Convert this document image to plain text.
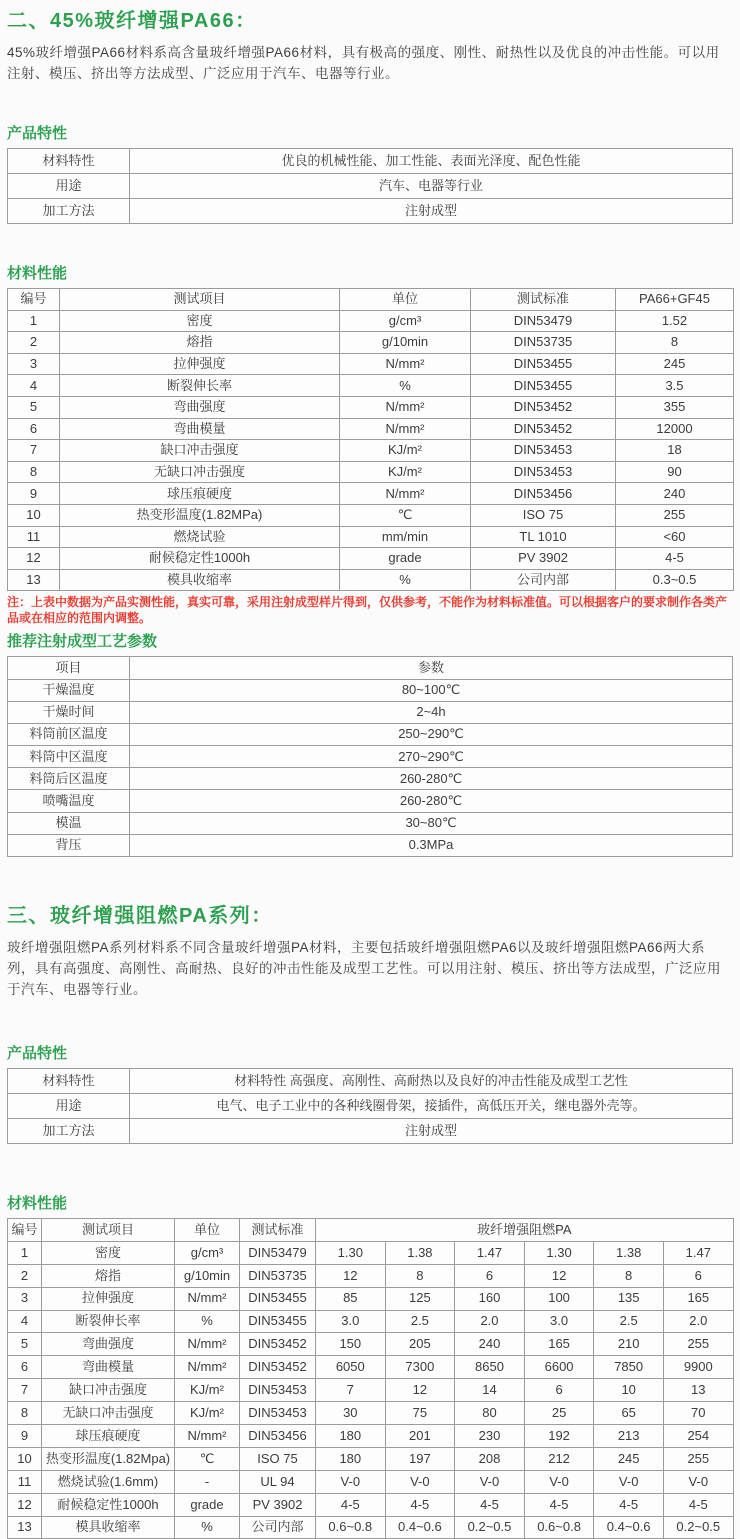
二、45%玻纤增强PA66：

45%玻纤增强PA66材料系高含量玻纤增强PA66材料，具有极高的强度、刚性、耐热性以及优良的冲击性能。可以用注射、模压、挤出等方法成型、广泛应用于汽车、电器等行业。

产品特性
材料特性	优良的机械性能、加工性能、表面光泽度、配色性能
用途	汽车、电器等行业
加工方法	注射成型
材料性能
编号	测试项目	单位	测试标准	PA66+GF45
1	密度	g/cm³	DIN53479	1.52
2	熔指	g/10min	DIN53735	8
3	拉伸强度	N/mm²	DIN53455	245
4	断裂伸长率	%	DIN53455	3.5
5	弯曲强度	N/mm²	DIN53452	355
6	弯曲模量	N/mm²	DIN53452	12000
7	缺口冲击强度	KJ/m²	DIN53453	18
8	无缺口冲击强度	KJ/m²	DIN53453	90
9	球压痕硬度	N/mm²	DIN53456	240
10	热变形温度(1.82MPa)	℃	ISO 75	255
11	燃烧试验	mm/min	TL 1010	<60
12	耐候稳定性1000h	grade	PV 3902	4-5
13	模具收缩率	%	公司内部	0.3~0.5

注：上表中数据为产品实测性能，真实可靠，采用注射成型样片得到，仅供参考，不能作为材料标准值。可以根据客户的要求制作各类产品或在相应的范围内调整。

推荐注射成型工艺参数
项目	参数
干燥温度	80~100℃
干燥时间	2~4h
料筒前区温度	250~290℃
料筒中区温度	270~290℃
料筒后区温度	260-280℃
喷嘴温度	260-280℃
模温	30~80℃
背压	0.3MPa
三、玻纤增强阻燃PA系列：

玻纤增强阻燃PA系列材料系不同含量玻纤增强PA材料，主要包括玻纤增强阻燃PA6以及玻纤增强阻燃PA66两大系列，具有高强度、高刚性、高耐热、良好的冲击性能及成型工艺性。可以用注射、模压、挤出等方法成型，广泛应用于汽车、电器等行业。

产品特性
材料特性	材料特性 高强度、高刚性、高耐热以及良好的冲击性能及成型工艺性
用途	电气、电子工业中的各种线圈骨架，接插件，高低压开关，继电器外壳等。
加工方法	注射成型
材料性能
编号	测试项目	单位	测试标准	玻纤增强阻燃PA					
1	密度	g/cm³	DIN53479	1.30	1.38	1.47	1.30	1.38	1.47
2	熔指	g/10min	DIN53735	12	8	6	12	8	6
3	拉伸强度	N/mm²	DIN53455	85	125	160	100	135	165
4	断裂伸长率	%	DIN53455	3.0	2.5	2.0	3.0	2.5	2.0
5	弯曲强度	N/mm²	DIN53452	150	205	240	165	210	255
6	弯曲模量	N/mm²	DIN53452	6050	7300	8650	6600	7850	9900
7	缺口冲击强度	KJ/m²	DIN53453	7	12	14	6	10	13
8	无缺口冲击强度	KJ/m²	DIN53453	30	75	80	25	65	70
9	球压痕硬度	N/mm²	DIN53456	180	201	230	192	213	254
10	热变形温度(1.82Mpa)	℃	ISO 75	180	197	208	212	245	255
11	燃烧试验(1.6mm)	-	UL 94	V-0	V-0	V-0	V-0	V-0	V-0
12	耐候稳定性1000h	grade	PV 3902	4-5	4-5	4-5	4-5	4-5	4-5
13	模具收缩率	%	公司内部	0.6~0.8	0.4~0.6	0.2~0.5	0.6~0.8	0.4~0.6	0.2~0.5
